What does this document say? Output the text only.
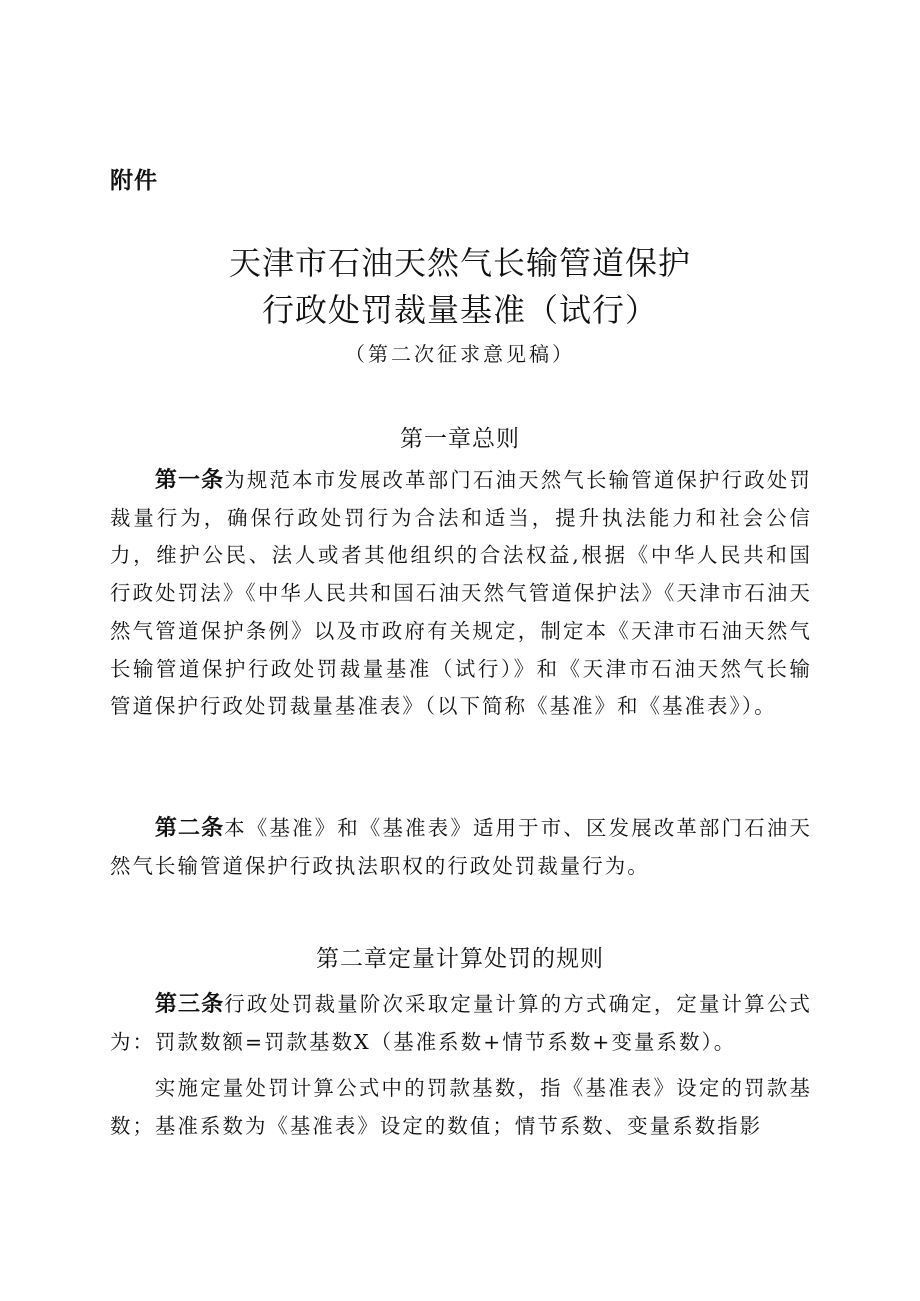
附件
天津市石油天然气长输管道保护
行政处罚裁量基准（试行）
（第二次征求意见稿）
第一章总则

第一条为规范本市发展改革部门石油天然气长输管道保护行政处罚裁量行为，确保行政处罚行为合法和适当，提升执法能力和社会公信力，维护公民、法人或者其他组织的合法权益,根据《中华人民共和国行政处罚法》《中华人民共和国石油天然气管道保护法》《天津市石油天然气管道保护条例》以及市政府有关规定，制定本《天津市石油天然气长输管道保护行政处罚裁量基准（试行）》和《天津市石油天然气长输管道保护行政处罚裁量基准表》（以下简称《基准》和《基准表》）。

第二条本《基准》和《基准表》适用于市、区发展改革部门石油天然气长输管道保护行政执法职权的行政处罚裁量行为。

第二章定量计算处罚的规则

第三条行政处罚裁量阶次采取定量计算的方式确定，定量计算公式为：罚款数额=罚款基数X（基准系数+情节系数+变量系数）。

实施定量处罚计算公式中的罚款基数，指《基准表》设定的罚款基数；基准系数为《基准表》设定的数值；情节系数、变量系数指影
